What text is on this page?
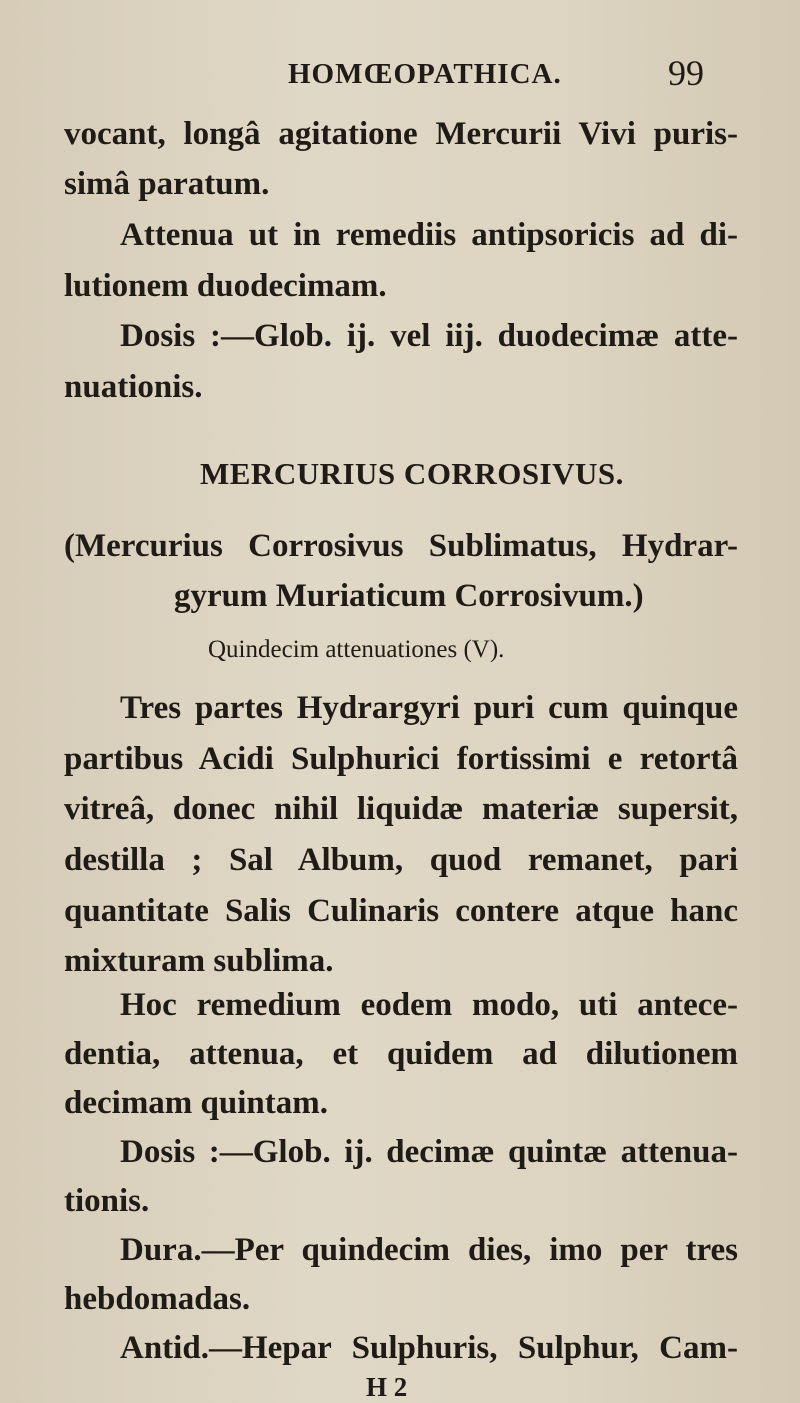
HOMŒOPATHICA.	99
vocant, longâ agitatione Mercurii Vivi puris-
simâ paratum.
Attenua ut in remediis antipsoricis ad di-
lutionem duodecimam.
Dosis :—Glob. ij. vel iij. duodecimæ atte-
nuationis.
MERCURIUS CORROSIVUS.
(Mercurius Corrosivus Sublimatus, Hydrar-
gyrum Muriaticum Corrosivum.)
Quindecim attenuationes (V).
Tres partes Hydrargyri puri cum quinque
partibus Acidi Sulphurici fortissimi e retortâ
vitreâ, donec nihil liquidæ materiæ supersit,
destilla ; Sal Album, quod remanet, pari
quantitate Salis Culinaris contere atque hanc
mixturam sublima.
Hoc remedium eodem modo, uti antece-
dentia, attenua, et quidem ad dilutionem
decimam quintam.
Dosis :—Glob. ij. decimæ quintæ attenua-
tionis.
Dura.—Per quindecim dies, imo per tres
hebdomadas.
Antid.—Hepar Sulphuris, Sulphur, Cam-
H 2
